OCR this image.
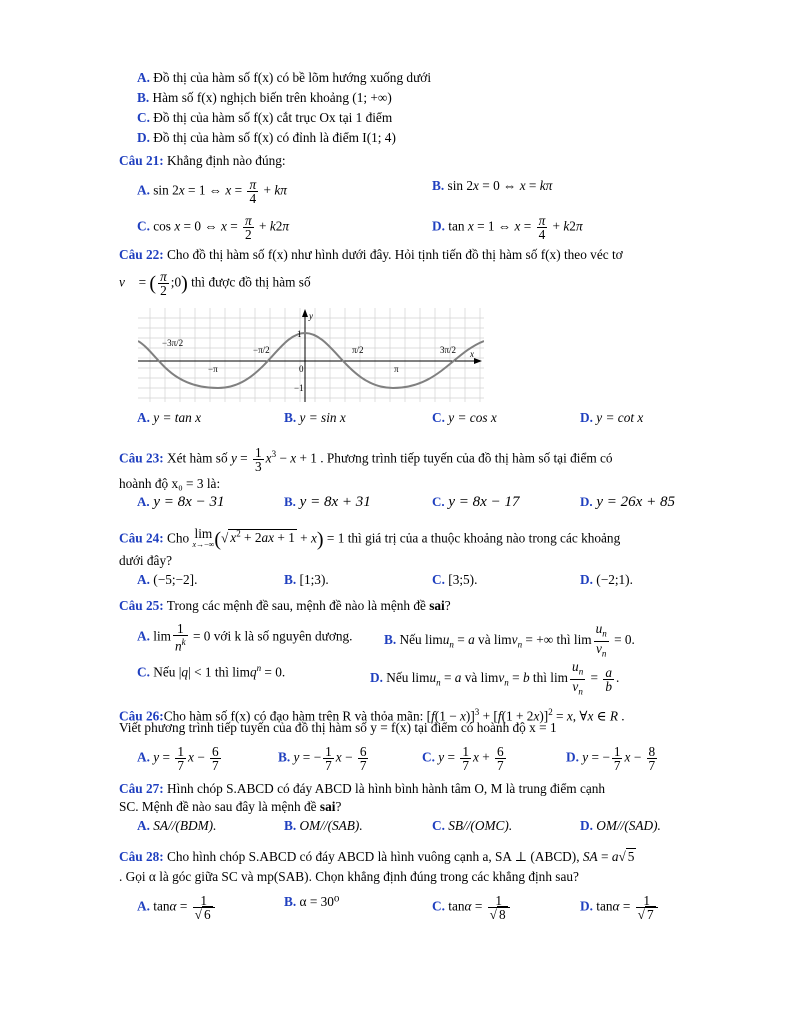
A. Đồ thị của hàm số f(x) có bề lõm hướng xuống dưới
B. Hàm số f(x) nghịch biến trên khoảng (1; +∞)
C. Đồ thị của hàm số f(x) cắt trục Ox tại 1 điểm
D. Đồ thị của hàm số f(x) có đỉnh là điểm I(1; 4)
Câu 21: Khẳng định nào đúng:
A. sin 2x = 1 ⇔ $x = \frac{\pi}{4} + k\pi$	B. sin 2x = 0 ⇔ x = kπ
C. cos x = 0 ⇔ $x = \frac{\pi}{2} + k2\pi$	D. tan x = 1 ⇔ $x = \frac{\pi}{4} + k2\pi$
Câu 22: Cho đồ thị hàm số f(x) như hình dưới đây. Hỏi tịnh tiến đồ thị hàm số f(x) theo véc tơ
v⃗ = ( $\frac{\pi}{2}$ ;0) thì được đồ thị hàm số
−3π/2
−π
−π/2
0
π/2
π
3π/2 x
y
1
−1
A. y = tan x	B. y = sin x	C. y = cos x	D. y = cot x
Câu 23: Xét hàm số $y = \frac{1}{3} x^3 - x + 1$ . Phương trình tiếp tuyến của đồ thị hàm số tại điểm có
hoành độ x₀ = 3 là:
A. y = 8x − 31	B. y = 8x + 31	C. y = 8x − 17	D. y = 26x + 85
Câu 24: Cho lim
x→−∞ (√ $x^2 + 2ax + 1 + x) = 1$ thì giá trị của a thuộc khoảng nào trong các khoảng
dưới đây?
A. (−5;−2].	B. [1;3).	C. [3;5).	D. (−2;1).
Câu 25: Trong các mệnh đề sau, mệnh đề nào là mệnh đề sai?
A. $\lim \frac{1}{n^k} = 0$ với k là số nguyên dương. B. Nếu limu$_n$ = a và limv$_n$ = +∞ thì $\lim \frac{u_n}{v_n} = 0$.
C. Nếu |q| < 1 thì limq$^n$ = 0.	D. Nếu limu$_n$ = a và limv$_n$ = b thì $\lim \frac{u_n}{v_n} = \frac{a}{b}$ .
Câu 26:Cho hàm số f(x) có đạo hàm trên R và thỏa mãn: $[f(1 - x)]^3 + [f(1 + 2x)]^2 = x$, ∀x ∈ R .
Viết phương trình tiếp tuyến của đồ thị hàm số y = f(x) tại điểm có hoành độ x = 1
A. $y = \frac{1}{7}$ $x - \frac{6}{7}$	B. y = − $\frac{1}{7}$ $x - \frac{6}{7}$	C. $y = \frac{1}{7}$ $x + \frac{6}{7}$	D. y = − $\frac{1}{7}$ $x - \frac{8}{7}$
Câu 27: Hình chóp S.ABCD có đáy ABCD là hình bình hành tâm O, M là trung điểm cạnh
SC. Mệnh đề nào sau đây là mệnh đề sai?
A. SA//(BDM).	B. OM//(SAB).	C. SB//(OMC).	D. OM//(SAD).
Câu 28: Cho hình chóp S.ABCD có đáy ABCD là hình vuông cạnh a, SA ⊥ (ABCD), SA = a√ 5
. Gọi α là góc giữa SC và mp(SAB). Chọn khẳng định đúng trong các khẳng định sau?
A. $\tan\alpha = \frac{1}{√ 6}$	B. α = 30⁰	C. $\tan\alpha = \frac{1}{√ 8}$	D. $\tan\alpha = \frac{1}{√ 7}$
